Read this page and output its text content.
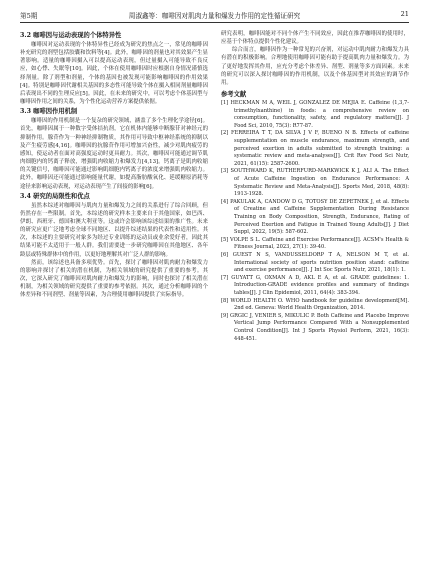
第5期	周淑鑫等：咖啡因对肌肉力量和爆发力作用的定性循证研究	21
3.2 咖啡因与运动表现的个体特异性

咖啡因对运动表现的个体特异性已经成为研究的焦点之一，常见的咖啡因补充研究的剂型包括胶囊和饮料等[4]。此外，咖啡因的剂量也对其效果产生显著影响。适量的咖啡因摄入可以提高运动表现，但过量摄入可能导致不良反应，如心悸、失眠等[10]。因此，个体在使用咖啡因时应根据自身情况谨慎选择剂量。除了剂型和剂量，个体的基因也被发现可能影响咖啡因的作用效果[4]。特别是咖啡因代谢相关基因的多态性可能导致个体在摄入相同剂量咖啡因后表现出不同的生理反应[5]。因此，在未来的研究中，可以考虑个体基因型与咖啡因作用之间的关系，为个性化运动营养方案提供依据。

3.3 咖啡因作用机制

咖啡因的作用机制是一个复杂的研究领域，涵盖了多个生理化学途径[6]。首先，咖啡因属于一种数字受体拮抗剂，它在机体内能够中断腺苷对神经元的抑制作用。腺苷作为一种神经抑制物质，其作用可导致中枢神经系统的抑制以及产生疲劳感[4,16]。咖啡因的抗腺苷作用可增加兴奋性，减少对肌肉疲劳的感知，使运动者在面对高强度运动时更具耐力。其次，咖啡因可能通过调节肌肉细胞内的钙离子释放，增强肌肉收缩力和爆发力[4,13]。钙离子是肌肉收缩的关键信号，咖啡因可能通过影响肌细胞内钙离子的浓度来增强肌肉收缩力。此外，咖啡因还可能通过影响能量代谢，如提高脂肪酸氧化、延缓糖原消耗等途径来影响运动表现，对运动表现产生了间接的影响[6]。

3.4 研究的局限性和优点

虽然本综述对咖啡因与肌肉力量和爆发力之间的关系进行了综合回顾，但仍然存在一些限制。首先，本综述的研究样本主要来自于其他国家，如巴西、伊朗、西班牙、德国和澳大利亚等。这或许会影响该综述结果的推广性。未来的研究应更广泛地考虑全球不同地区、以提升综述结果的代表性和适用性。其次，本综述的主要研究对象多为经过专业训练的运动员或业余爱好者，因此其结果可能不太适用于一般人群。我们需要进一步研究咖啡因在其他地区、各年龄层或特殊群体中的作用，以更好地理解其对广泛人群的影响。

然而，该综述也具备多项优势。首先，探讨了咖啡因对肌肉耐力和爆发力的影响并探讨了相关的潜在机制，为相关领域的研究提供了重要的参考。其次，它深入研究了咖啡因对肌肉耐力和爆发力的影响，同时也探讨了相关潜在机制，为相关领域的研究提供了重要的参考依据。其次，通过分析咖啡因的个体差异和不同剂型、剂量等因素，为合理使用咖啡因提供了实际指导。

研究表明，咖啡因能对不同个体产生不同效应，因此在推荐咖啡因的使用时，应基于个体特点提供个性化建议。

综合而言，咖啡因作为一种常见的兴奋剂，对运动中肌肉耐力和爆发力具有潜在的积极影响。合理地使用咖啡因可能有助于提高肌肉力量和爆发力。为了更好地发挥其作用，应充分考虑个体差异、剂型、剂量等多方面因素。未来的研究可以深入探讨咖啡因的作用机制，以及个体基因型对其效应的调节作用。

参考文献
[1] HECKMAN M A, WEIL J, GONZALEZ DE MEJIA E. Caffeine (1,3,7-trimethylxanthine) in foods: a comprehensive review on consumption, functionality, safety, and regulatory matters[J]. J Food Sci, 2010, 75(3): R77-87.
[2] FERREIRA T T, DA SILVA J V F, BUENO N B. Effects of caffeine supplementation on muscle endurance, maximum strength, and perceived exertion in adults submitted to strength training: a systematic review and meta-analyses[J]. Crit Rev Food Sci Nutr, 2021, 61(15): 2587-2600.
[3] SOUTHWARD K, RUTHERFURD-MARKWICK K J, ALI A. The Effect of Acute Caffeine Ingestion on Endurance Performance: A Systematic Review and Meta-Analysis[J]. Sports Med, 2018, 48(8): 1913-1928.
[4] PAKULAK A, CANDOW D G, TOTOSY DE ZEPETNEK J, et al. Effects of Creatine and Caffeine Supplementation During Resistance Training on Body Composition, Strength, Endurance, Rating of Perceived Exertion and Fatigue in Trained Young Adults[J]. J Diet Suppl, 2022, 19(5): 587-602.
[5] VOLPE S L. Caffeine and Exercise Performance[J]. ACSM's Health & Fitness Journal, 2023, 27(1): 39-40.
[6] GUEST N S, VANDUSSELDORP T A, NELSON M T, et al. International society of sports nutrition position stand: caffeine and exercise performance[J]. J Int Soc Sports Nutr, 2021, 18(1): 1.
[7] GUYATT G, OXMAN A D, AKL E A, et al. GRADE guidelines: 1. Introduction-GRADE evidence profiles and summary of findings tables[J]. J Clin Epidemiol, 2011, 64(4): 383-394.
[8] WORLD HEALTH O. WHO handbook for guideline development[M]. 2nd ed. Geneva: World Health Organization, 2014.
[9] GRGIC J, VENIER S, MIKULIC P. Both Caffeine and Placebo Improve Vertical Jump Performance Compared With a Nonsupplemented Control Condition[J]. Int J Sports Physiol Perform, 2021, 16(3): 448-451.
